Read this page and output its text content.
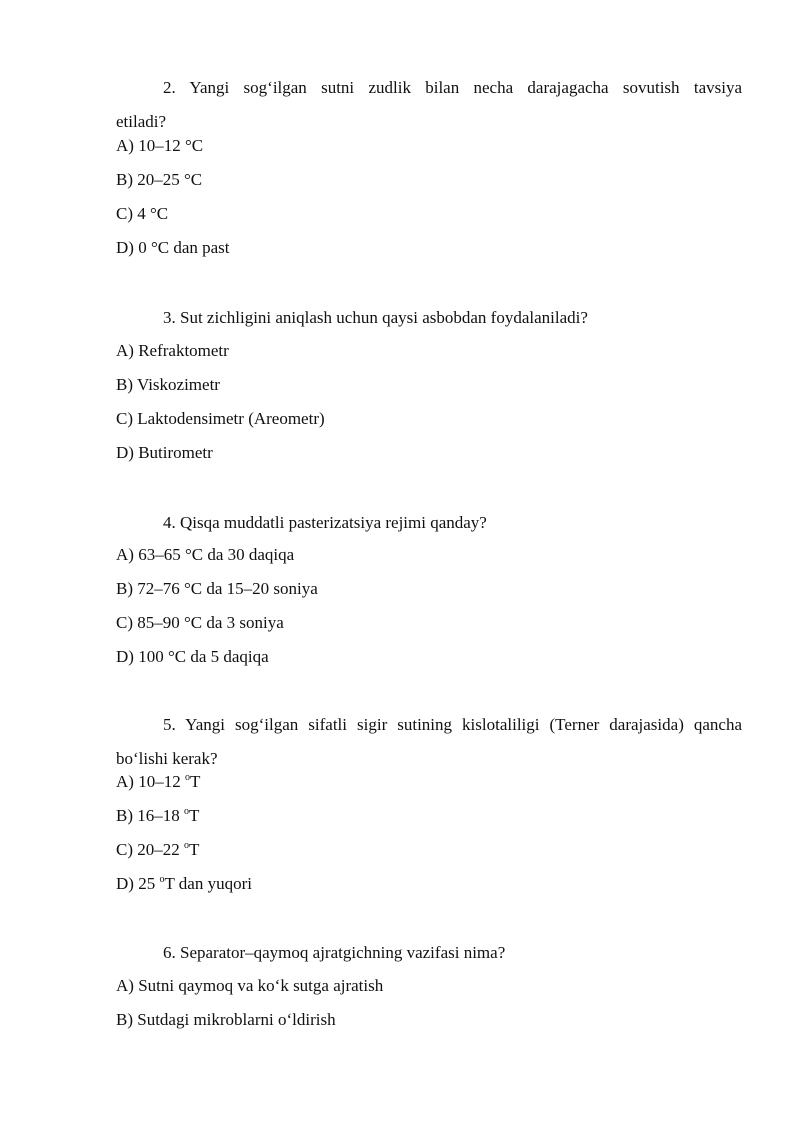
2. Yangi sog‘ilgan sutni zudlik bilan necha darajagacha sovutish tavsiya
etiladi?
A) 10–12 °C
B) 20–25 °C
C) 4 °C
D) 0 °C dan past
3. Sut zichligini aniqlash uchun qaysi asbobdan foydalaniladi?
A) Refraktometr
B) Viskozimetr
C) Laktodensimetr (Areometr)
D) Butirometr
4. Qisqa muddatli pasterizatsiya rejimi qanday?
A) 63–65 °C da 30 daqiqa
B) 72–76 °C da 15–20 soniya
C) 85–90 °C da 3 soniya
D) 100 °C da 5 daqiqa
5. Yangi sog‘ilgan sifatli sigir sutining kislotaliligi (Terner darajasida) qancha
bo‘lishi kerak?
A) 10–12 $^o$T
B) 16–18 $^o$T
C) 20–22 $^o$T
D) 25 $^o$T dan yuqori
6. Separator–qaymoq ajratgichning vazifasi nima?
A) Sutni qaymoq va ko‘k sutga ajratish
B) Sutdagi mikroblarni o‘ldirish
